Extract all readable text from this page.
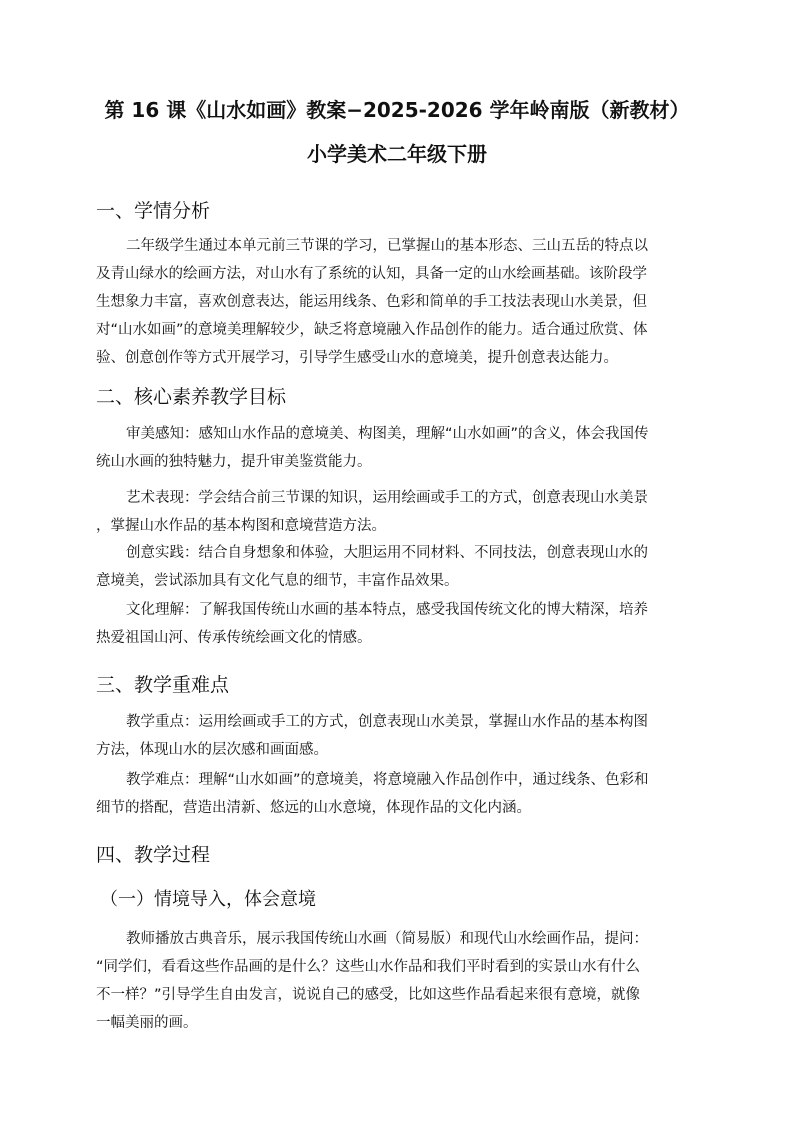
第 16 课《山水如画》教案−2025-2026 学年岭南版（新教材）
小学美术二年级下册
一、学情分析
二年级学生通过本单元前三节课的学习，已掌握山的基本形态、三山五岳的特点以
及青山绿水的绘画方法，对山水有了系统的认知，具备一定的山水绘画基础。该阶段学
生想象力丰富，喜欢创意表达，能运用线条、色彩和简单的手工技法表现山水美景，但
对“山水如画”的意境美理解较少，缺乏将意境融入作品创作的能力。适合通过欣赏、体
验、创意创作等方式开展学习，引导学生感受山水的意境美，提升创意表达能力。
二、核心素养教学目标
审美感知：感知山水作品的意境美、构图美，理解“山水如画”的含义，体会我国传
统山水画的独特魅力，提升审美鉴赏能力。
艺术表现：学会结合前三节课的知识，运用绘画或手工的方式，创意表现山水美景
，掌握山水作品的基本构图和意境营造方法。
创意实践：结合自身想象和体验，大胆运用不同材料、不同技法，创意表现山水的
意境美，尝试添加具有文化气息的细节，丰富作品效果。
文化理解：了解我国传统山水画的基本特点，感受我国传统文化的博大精深，培养
热爱祖国山河、传承传统绘画文化的情感。
三、教学重难点
教学重点：运用绘画或手工的方式，创意表现山水美景，掌握山水作品的基本构图
方法，体现山水的层次感和画面感。
教学难点：理解“山水如画”的意境美，将意境融入作品创作中，通过线条、色彩和
细节的搭配，营造出清新、悠远的山水意境，体现作品的文化内涵。
四、教学过程
（一）情境导入，体会意境
教师播放古典音乐，展示我国传统山水画（简易版）和现代山水绘画作品，提问：
“同学们，看看这些作品画的是什么？这些山水作品和我们平时看到的实景山水有什么
不一样？”引导学生自由发言，说说自己的感受，比如这些作品看起来很有意境，就像
一幅美丽的画。
